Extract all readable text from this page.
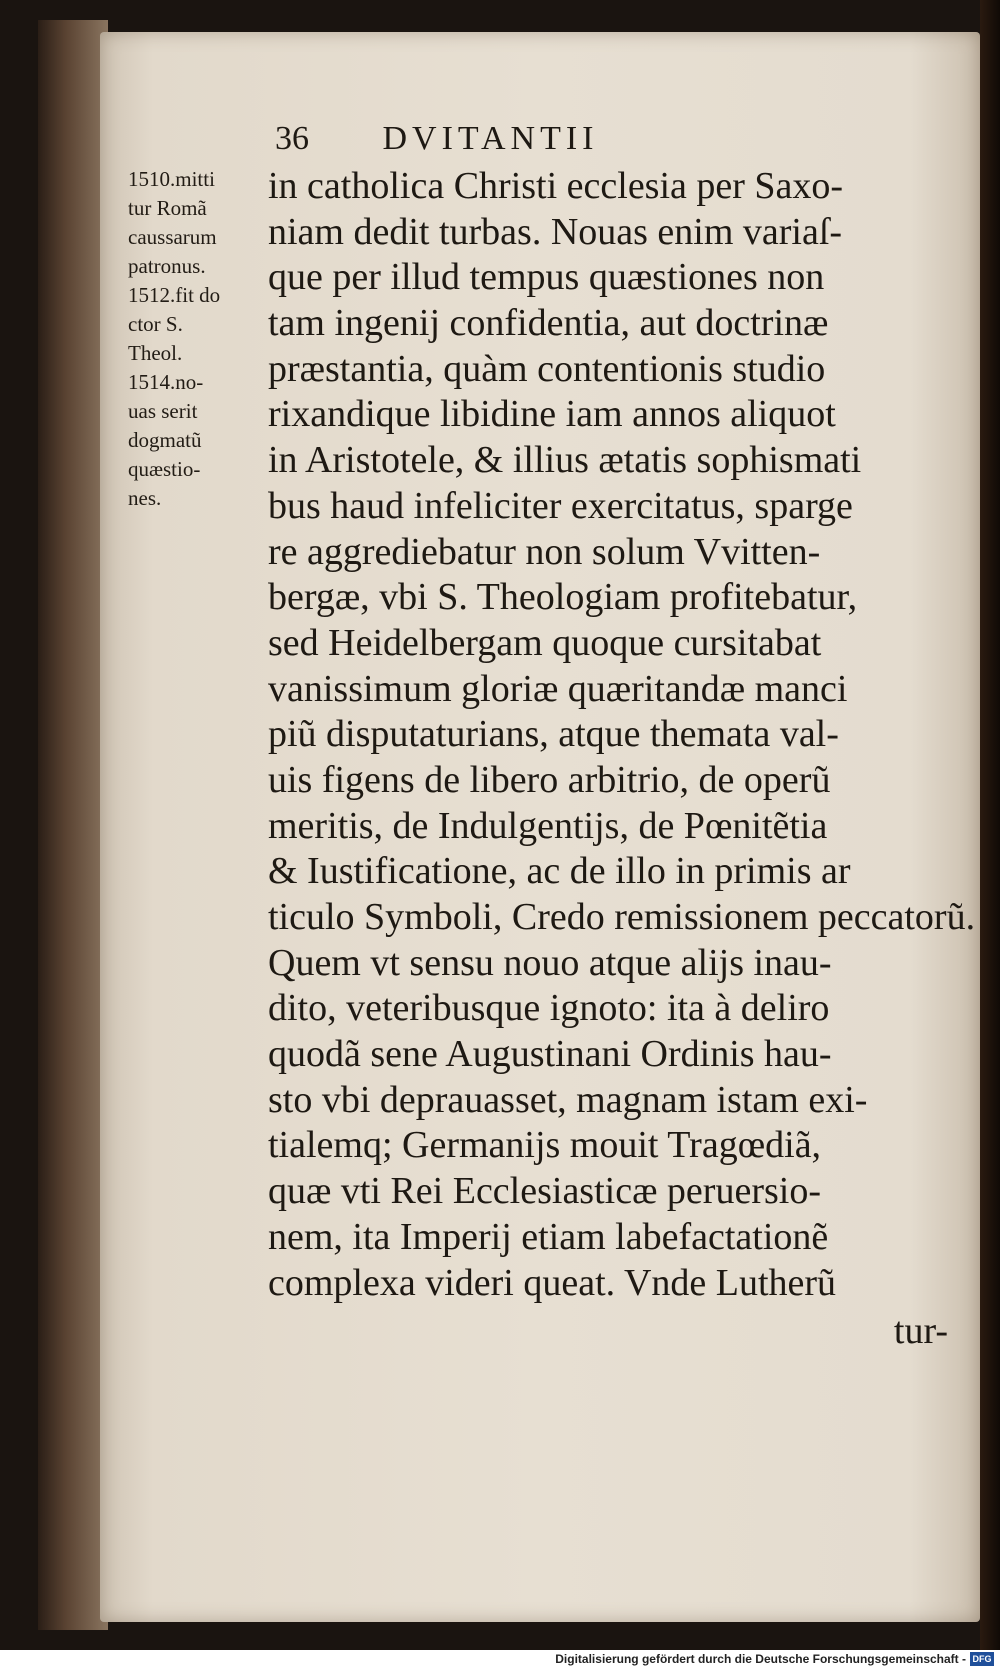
36 DVITANTII
1510.mitti
tur Romã
caussarum
patronus.
1512.fit do
ctor S.
Theol.
1514.no-
uas serit
dogmatũ
quæstio-
nes.
in catholica Christi ecclesia per Saxo-
niam dedit turbas. Nouas enim variaſ-
que per illud tempus quæstiones non
tam ingenij confidentia, aut doctrinæ
præstantia, quàm contentionis studio
rixandique libidine iam annos aliquot
in Aristotele, & illius ætatis sophismati
bus haud infeliciter exercitatus, sparge
re aggrediebatur non solum Vvitten-
bergæ, vbi S. Theologiam profitebatur,
sed Heidelbergam quoque cursitabat
vanissimum gloriæ quæritandæ manci
piũ disputaturians, atque themata val-
uis figens de libero arbitrio, de operũ
meritis, de Indulgentijs, de Pœnitẽtia
& Iustificatione, ac de illo in primis ar
ticulo Symboli, Credo remissionem peccatorũ.
Quem vt sensu nouo atque alijs inau-
dito, veteribusque ignoto: ita à deliro
quodã sene Augustinani Ordinis hau-
sto vbi deprauasset, magnam istam exi-
tialemq; Germanijs mouit Tragœdiã,
quæ vti Rei Ecclesiasticæ peruersio-
nem, ita Imperij etiam labefactationẽ
complexa videri queat. Vnde Lutherũ
tur-
Digitalisierung gefördert durch die Deutsche Forschungsgemeinschaft - DFG
